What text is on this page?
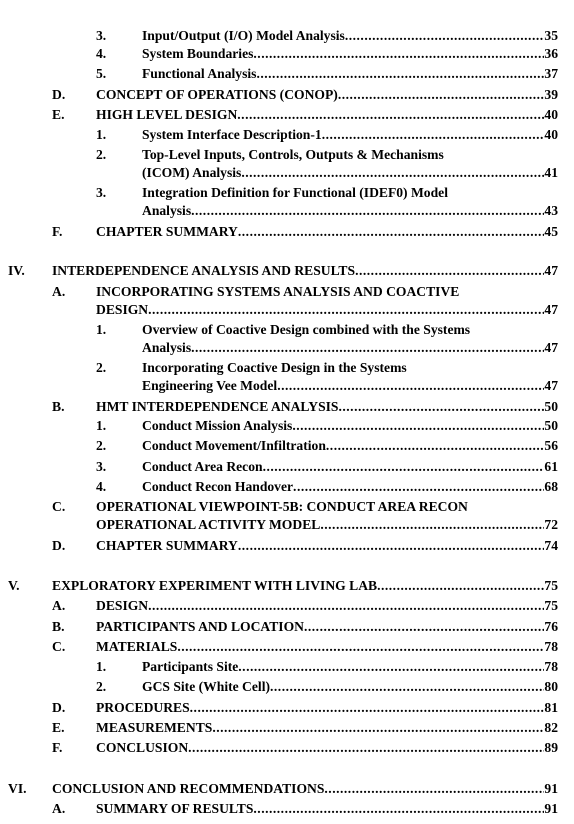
3.	Input/Output (I/O) Model Analysis .....	35
4.	System Boundaries .....	36
5.	Functional Analysis .....	37
D. CONCEPT OF OPERATIONS (CONOP) .....	39
E. HIGH LEVEL DESIGN .....	40
1.	System Interface Description-1 .....	40
2.	Top-Level Inputs, Controls, Outputs & Mechanisms
(ICOM) Analysis .....	41
3.	Integration Definition for Functional (IDEF0) Model
Analysis .....	43
F. CHAPTER SUMMARY .....	45
IV. INTERDEPENDENCE ANALYSIS AND RESULTS .....	47
A. INCORPORATING SYSTEMS ANALYSIS AND COACTIVE
DESIGN .....	47
1.	Overview of Coactive Design combined with the Systems
Analysis .....	47
2.	Incorporating Coactive Design in the Systems
Engineering Vee Model .....	47
B. HMT INTERDEPENDENCE ANALYSIS .....	50
1.	Conduct Mission Analysis .....	50
2.	Conduct Movement/Infiltration .....	56
3.	Conduct Area Recon .....	61
4.	Conduct Recon Handover .....	68
C. OPERATIONAL VIEWPOINT-5B: CONDUCT AREA RECON
OPERATIONAL ACTIVITY MODEL .....	72
D. CHAPTER SUMMARY .....	74
V. EXPLORATORY EXPERIMENT WITH LIVING LAB .....	75
A. DESIGN .....	75
B. PARTICIPANTS AND LOCATION .....	76
C. MATERIALS .....	78
1.	Participants Site .....	78
2.	GCS Site (White Cell) .....	80
D. PROCEDURES .....	81
E. MEASUREMENTS .....	82
F. CONCLUSION .....	89
VI. CONCLUSION AND RECOMMENDATIONS .....	91
A. SUMMARY OF RESULTS .....	91
